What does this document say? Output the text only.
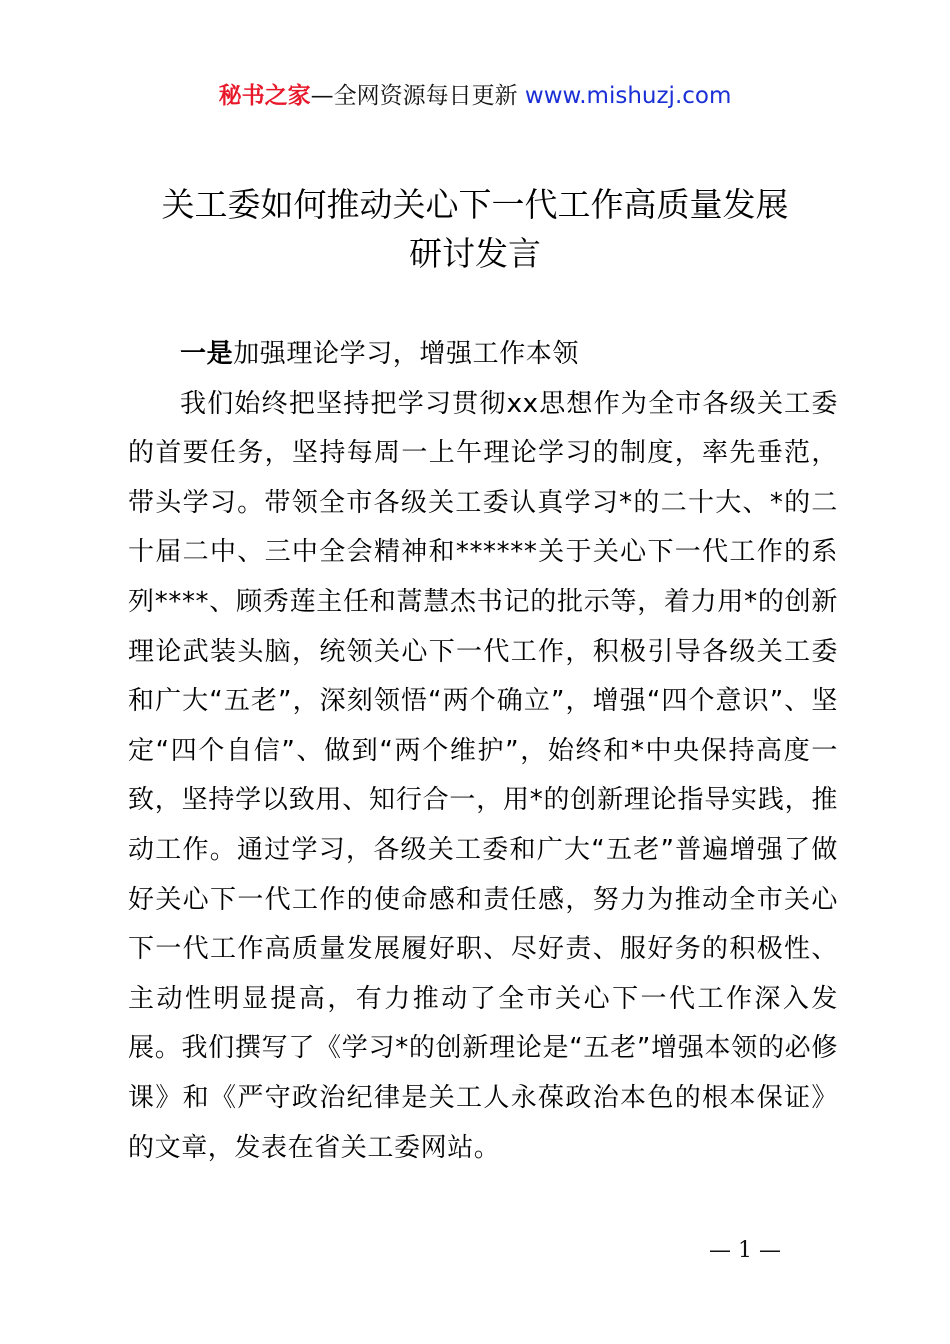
秘书之家—全网资源每日更新 www.mishuzj.com
关工委如何推动关心下一代工作高质量发展
研讨发言

一是加强理论学习，增强工作本领

我们始终把坚持把学习贯彻xx思想作为全市各级关工委的首要任务，坚持每周一上午理论学习的制度，率先垂范，带头学习。带领全市各级关工委认真学习*的二十大、*的二十届二中、三中全会精神和******关于关心下一代工作的系列****、顾秀莲主任和蒿慧杰书记的批示等，着力用*的创新理论武装头脑，统领关心下一代工作，积极引导各级关工委和广大“五老”，深刻领悟“两个确立”，增强“四个意识”、坚定“四个自信”、做到“两个维护”，始终和*中央保持高度一致，坚持学以致用、知行合一，用*的创新理论指导实践，推动工作。通过学习，各级关工委和广大“五老”普遍增强了做好关心下一代工作的使命感和责任感，努力为推动全市关心下一代工作高质量发展履好职、尽好责、服好务的积极性、主动性明显提高，有力推动了全市关心下一代工作深入发展。我们撰写了《学习*的创新理论是“五老”增强本领的必修课》和《严守政治纪律是关工人永葆政治本色的根本保证》的文章，发表在省关工委网站。

— 1 —
